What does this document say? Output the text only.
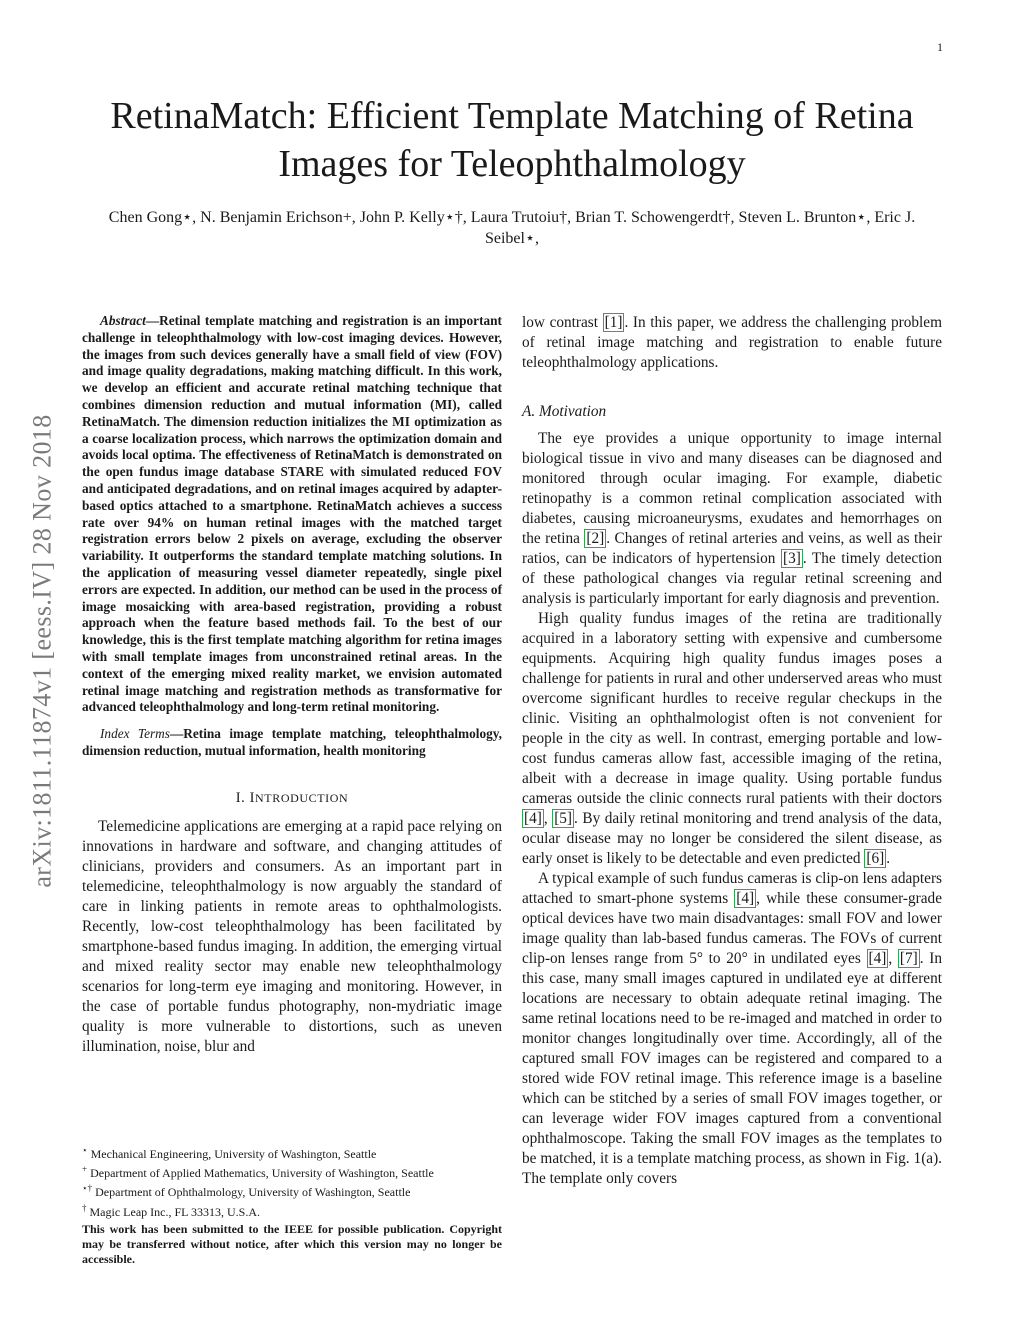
1
RetinaMatch: Efficient Template Matching of Retina Images for Teleophthalmology
Chen Gong⋆, N. Benjamin Erichson+, John P. Kelly⋆†, Laura Trutoiu†, Brian T. Schowengerdt†, Steven L. Brunton⋆, Eric J. Seibel⋆,
arXiv:1811.11874v1 [eess.IV] 28 Nov 2018

Abstract—Retinal template matching and registration is an important challenge in teleophthalmology with low-cost imaging devices. However, the images from such devices generally have a small field of view (FOV) and image quality degradations, making matching difficult. In this work, we develop an efficient and accurate retinal matching technique that combines dimension reduction and mutual information (MI), called RetinaMatch. The dimension reduction initializes the MI optimization as a coarse localization process, which narrows the optimization domain and avoids local optima. The effectiveness of RetinaMatch is demonstrated on the open fundus image database STARE with simulated reduced FOV and anticipated degradations, and on retinal images acquired by adapter-based optics attached to a smartphone. RetinaMatch achieves a success rate over 94% on human retinal images with the matched target registration errors below 2 pixels on average, excluding the observer variability. It outperforms the standard template matching solutions. In the application of measuring vessel diameter repeatedly, single pixel errors are expected. In addition, our method can be used in the process of image mosaicking with area-based registration, providing a robust approach when the feature based methods fail. To the best of our knowledge, this is the first template matching algorithm for retina images with small template images from unconstrained retinal areas. In the context of the emerging mixed reality market, we envision automated retinal image matching and registration methods as transformative for advanced teleophthalmology and long-term retinal monitoring.

Index Terms—Retina image template matching, teleophthalmology, dimension reduction, mutual information, health monitoring

I. INTRODUCTION

Telemedicine applications are emerging at a rapid pace relying on innovations in hardware and software, and changing attitudes of clinicians, providers and consumers. As an important part in telemedicine, teleophthalmology is now arguably the standard of care in linking patients in remote areas to ophthalmologists. Recently, low-cost teleophthalmology has been facilitated by smartphone-based fundus imaging. In addition, the emerging virtual and mixed reality sector may enable new teleophthalmology scenarios for long-term eye imaging and monitoring. However, in the case of portable fundus photography, non-mydriatic image quality is more vulnerable to distortions, such as uneven illumination, noise, blur and

⋆ Mechanical Engineering, University of Washington, Seattle

+ Department of Applied Mathematics, University of Washington, Seattle

⋆† Department of Ophthalmology, University of Washington, Seattle

† Magic Leap Inc., FL 33313, U.S.A.

This work has been submitted to the IEEE for possible publication. Copyright may be transferred without notice, after which this version may no longer be accessible.

low contrast [1] . In this paper, we address the challenging problem of retinal image matching and registration to enable future teleophthalmology applications.

A. Motivation

The eye provides a unique opportunity to image internal biological tissue in vivo and many diseases can be diagnosed and monitored through ocular imaging. For example, diabetic retinopathy is a common retinal complication associated with diabetes, causing microaneurysms, exudates and hemorrhages on the retina [2] . Changes of retinal arteries and veins, as well as their ratios, can be indicators of hypertension [3] . The timely detection of these pathological changes via regular retinal screening and analysis is particularly important for early diagnosis and prevention.

High quality fundus images of the retina are traditionally acquired in a laboratory setting with expensive and cumbersome equipments. Acquiring high quality fundus images poses a challenge for patients in rural and other underserved areas who must overcome significant hurdles to receive regular checkups in the clinic. Visiting an ophthalmologist often is not convenient for people in the city as well. In contrast, emerging portable and low-cost fundus cameras allow fast, accessible imaging of the retina, albeit with a decrease in image quality. Using portable fundus cameras outside the clinic connects rural patients with their doctors [4] , [5] . By daily retinal monitoring and trend analysis of the data, ocular disease may no longer be considered the silent disease, as early onset is likely to be detectable and even predicted [6] .

A typical example of such fundus cameras is clip-on lens adapters attached to smart-phone systems [4] , while these consumer-grade optical devices have two main disadvantages: small FOV and lower image quality than lab-based fundus cameras. The FOVs of current clip-on lenses range from 5° to 20° in undilated eyes [4] , [7] . In this case, many small images captured in undilated eye at different locations are necessary to obtain adequate retinal imaging. The same retinal locations need to be re-imaged and matched in order to monitor changes longitudinally over time. Accordingly, all of the captured small FOV images can be registered and compared to a stored wide FOV retinal image. This reference image is a baseline which can be stitched by a series of small FOV images together, or can leverage wider FOV images captured from a conventional ophthalmoscope. Taking the small FOV images as the templates to be matched, it is a template matching process, as shown in Fig. 1(a). The template only covers
